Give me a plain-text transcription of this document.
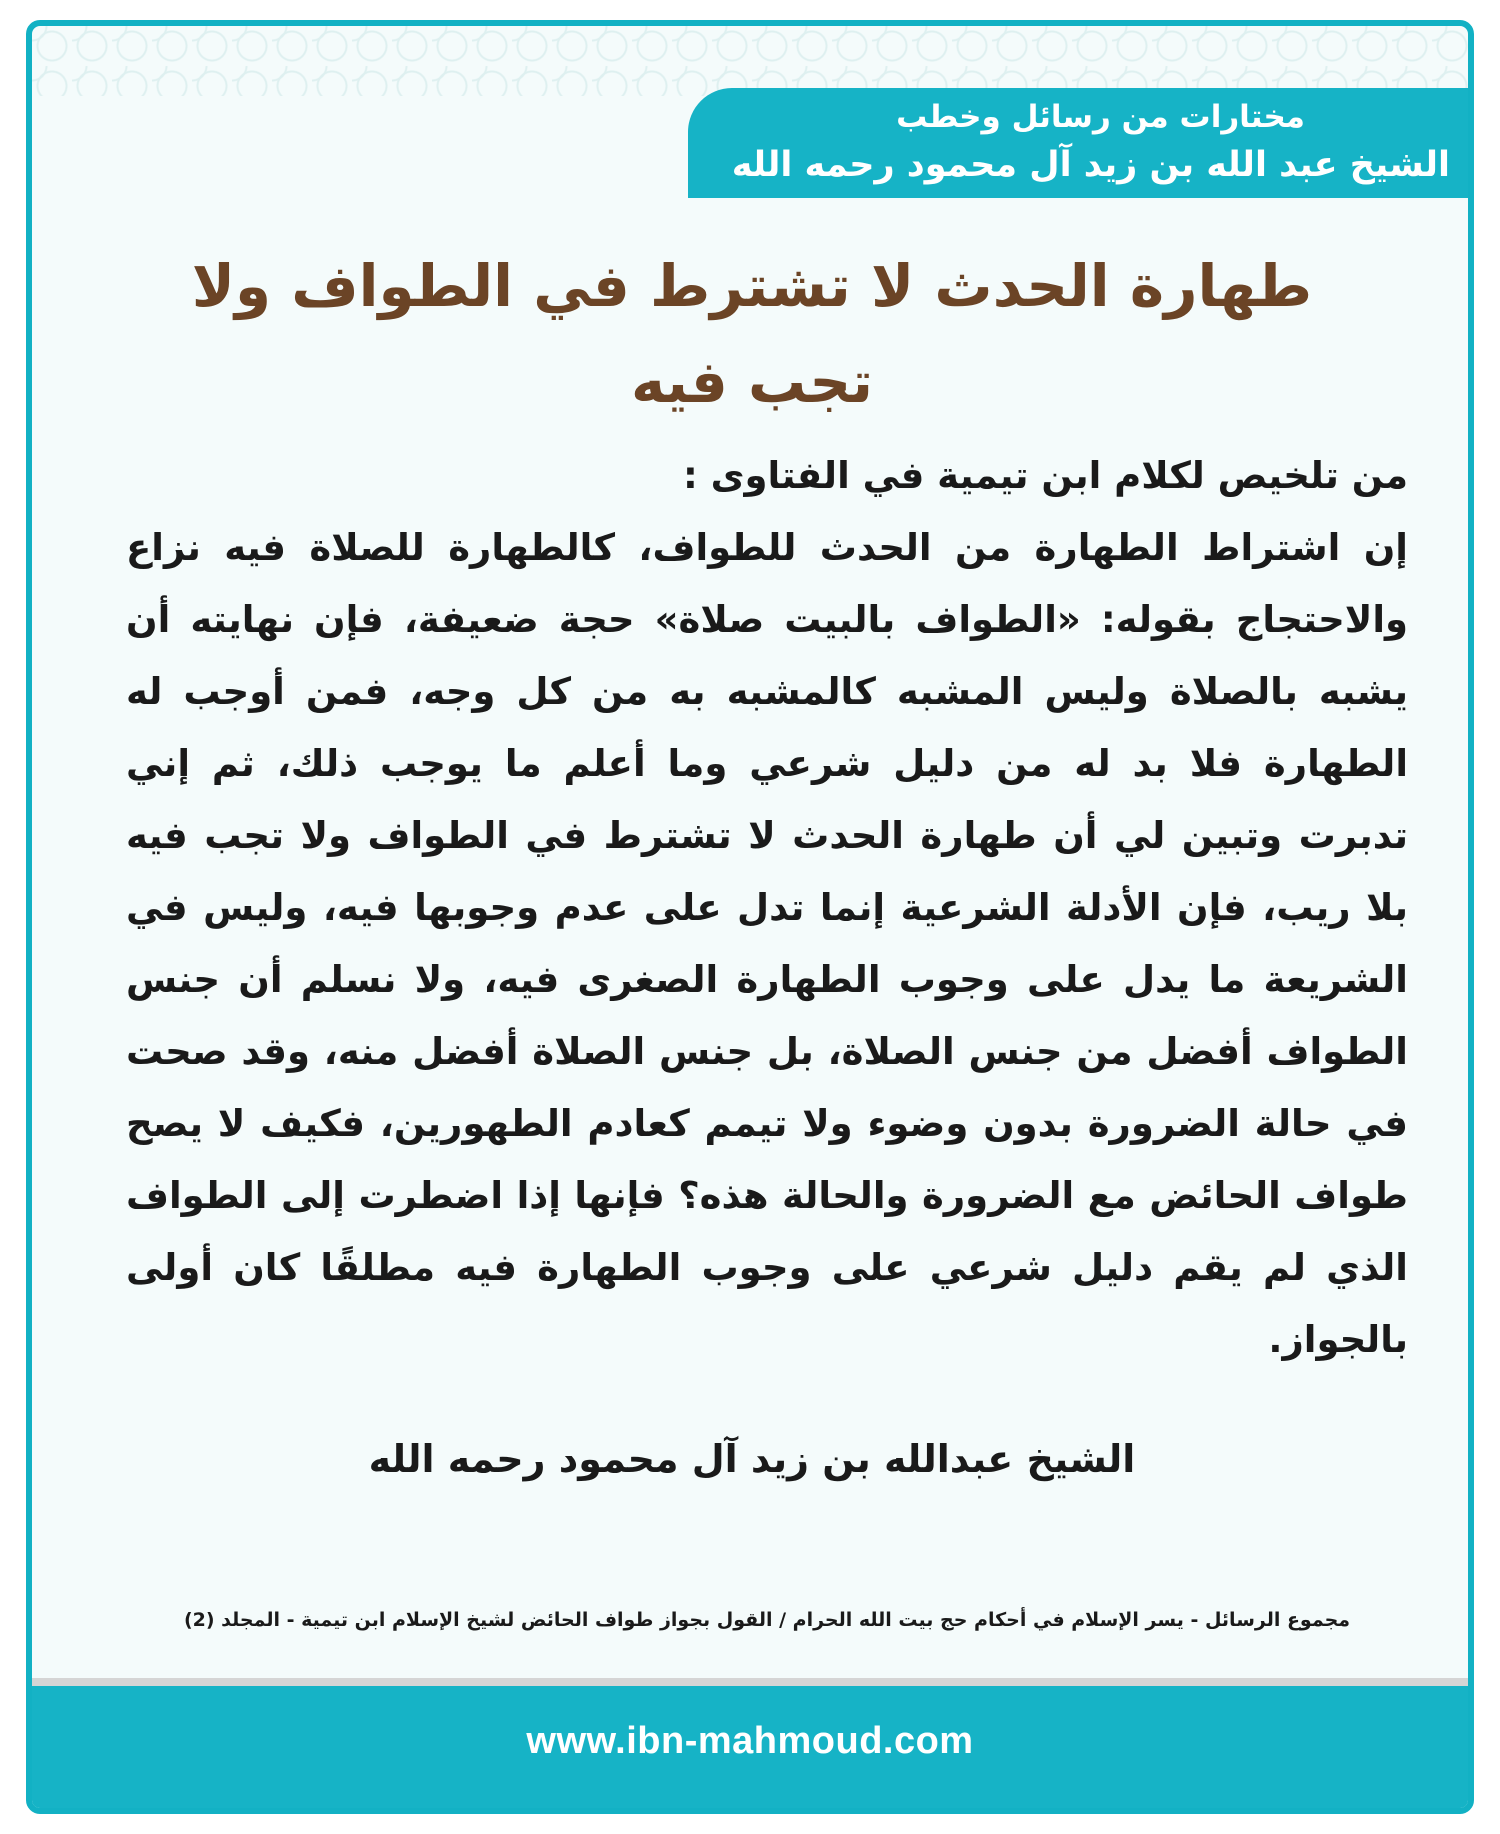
مختارات من رسائل وخطب
الشيخ عبد الله بن زيد آل محمود رحمه الله
طهارة الحدث لا تشترط في الطواف ولا تجب فيه

من تلخيص لكلام ابن تيمية في الفتاوى :

إن اشتراط الطهارة من الحدث للطواف، كالطهارة للصلاة فيه نزاع والاحتجاج بقوله: «الطواف بالبيت صلاة» حجة ضعيفة، فإن نهايته أن يشبه بالصلاة وليس المشبه كالمشبه به من كل وجه، فمن أوجب له الطهارة فلا بد له من دليل شرعي وما أعلم ما يوجب ذلك، ثم إني تدبرت وتبين لي أن طهارة الحدث لا تشترط في الطواف ولا تجب فيه بلا ريب، فإن الأدلة الشرعية إنما تدل على عدم وجوبها فيه، وليس في الشريعة ما يدل على وجوب الطهارة الصغرى فيه، ولا نسلم أن جنس الطواف أفضل من جنس الصلاة، بل جنس الصلاة أفضل منه، وقد صحت في حالة الضرورة بدون وضوء ولا تيمم كعادم الطهورين، فكيف لا يصح طواف الحائض مع الضرورة والحالة هذه؟ فإنها إذا اضطرت إلى الطواف الذي لم يقم دليل شرعي على وجوب الطهارة فيه مطلقًا كان أولى بالجواز.

الشيخ عبدالله بن زيد آل محمود رحمه الله
مجموع الرسائل - يسر الإسلام في أحكام حج بيت الله الحرام / القول بجواز طواف الحائض لشيخ الإسلام ابن تيمية - المجلد (2)
www.ibn-mahmoud.com
